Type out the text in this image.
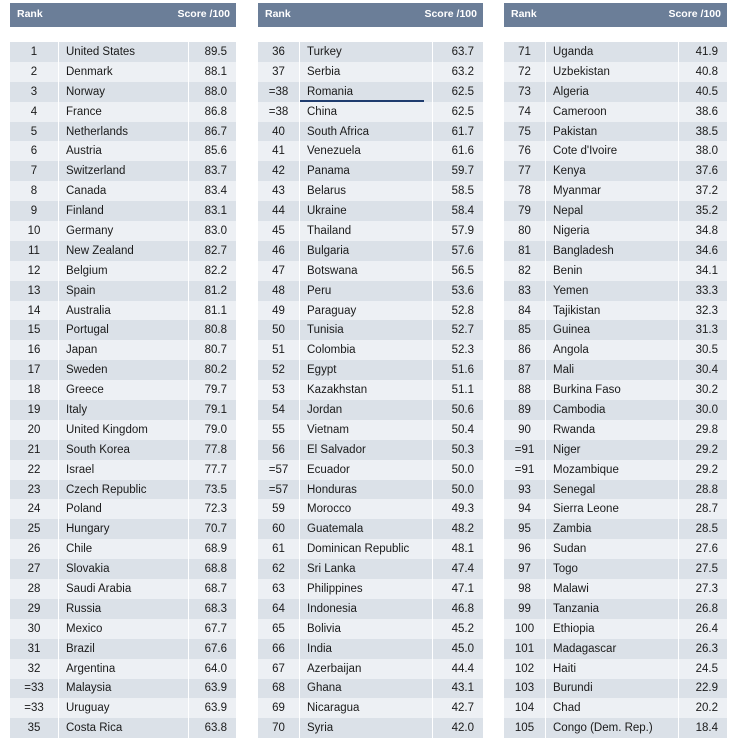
Rank	Score /100
1	United States	89.5
2	Denmark	88.1
3	Norway	88.0
4	France	86.8
5	Netherlands	86.7
6	Austria	85.6
7	Switzerland	83.7
8	Canada	83.4
9	Finland	83.1
10	Germany	83.0
11	New Zealand	82.7
12	Belgium	82.2
13	Spain	81.2
14	Australia	81.1
15	Portugal	80.8
16	Japan	80.7
17	Sweden	80.2
18	Greece	79.7
19	Italy	79.1
20	United Kingdom	79.0
21	South Korea	77.8
22	Israel	77.7
23	Czech Republic	73.5
24	Poland	72.3
25	Hungary	70.7
26	Chile	68.9
27	Slovakia	68.8
28	Saudi Arabia	68.7
29	Russia	68.3
30	Mexico	67.7
31	Brazil	67.6
32	Argentina	64.0
=33	Malaysia	63.9
=33	Uruguay	63.9
35	Costa Rica	63.8
Rank	Score /100
36	Turkey	63.7
37	Serbia	63.2
=38	Romania	62.5
=38	China	62.5
40	South Africa	61.7
41	Venezuela	61.6
42	Panama	59.7
43	Belarus	58.5
44	Ukraine	58.4
45	Thailand	57.9
46	Bulgaria	57.6
47	Botswana	56.5
48	Peru	53.6
49	Paraguay	52.8
50	Tunisia	52.7
51	Colombia	52.3
52	Egypt	51.6
53	Kazakhstan	51.1
54	Jordan	50.6
55	Vietnam	50.4
56	El Salvador	50.3
=57	Ecuador	50.0
=57	Honduras	50.0
59	Morocco	49.3
60	Guatemala	48.2
61	Dominican Republic	48.1
62	Sri Lanka	47.4
63	Philippines	47.1
64	Indonesia	46.8
65	Bolivia	45.2
66	India	45.0
67	Azerbaijan	44.4
68	Ghana	43.1
69	Nicaragua	42.7
70	Syria	42.0
Rank	Score /100
71	Uganda	41.9
72	Uzbekistan	40.8
73	Algeria	40.5
74	Cameroon	38.6
75	Pakistan	38.5
76	Cote d'Ivoire	38.0
77	Kenya	37.6
78	Myanmar	37.2
79	Nepal	35.2
80	Nigeria	34.8
81	Bangladesh	34.6
82	Benin	34.1
83	Yemen	33.3
84	Tajikistan	32.3
85	Guinea	31.3
86	Angola	30.5
87	Mali	30.4
88	Burkina Faso	30.2
89	Cambodia	30.0
90	Rwanda	29.8
=91	Niger	29.2
=91	Mozambique	29.2
93	Senegal	28.8
94	Sierra Leone	28.7
95	Zambia	28.5
96	Sudan	27.6
97	Togo	27.5
98	Malawi	27.3
99	Tanzania	26.8
100	Ethiopia	26.4
101	Madagascar	26.3
102	Haiti	24.5
103	Burundi	22.9
104	Chad	20.2
105	Congo (Dem. Rep.)	18.4
